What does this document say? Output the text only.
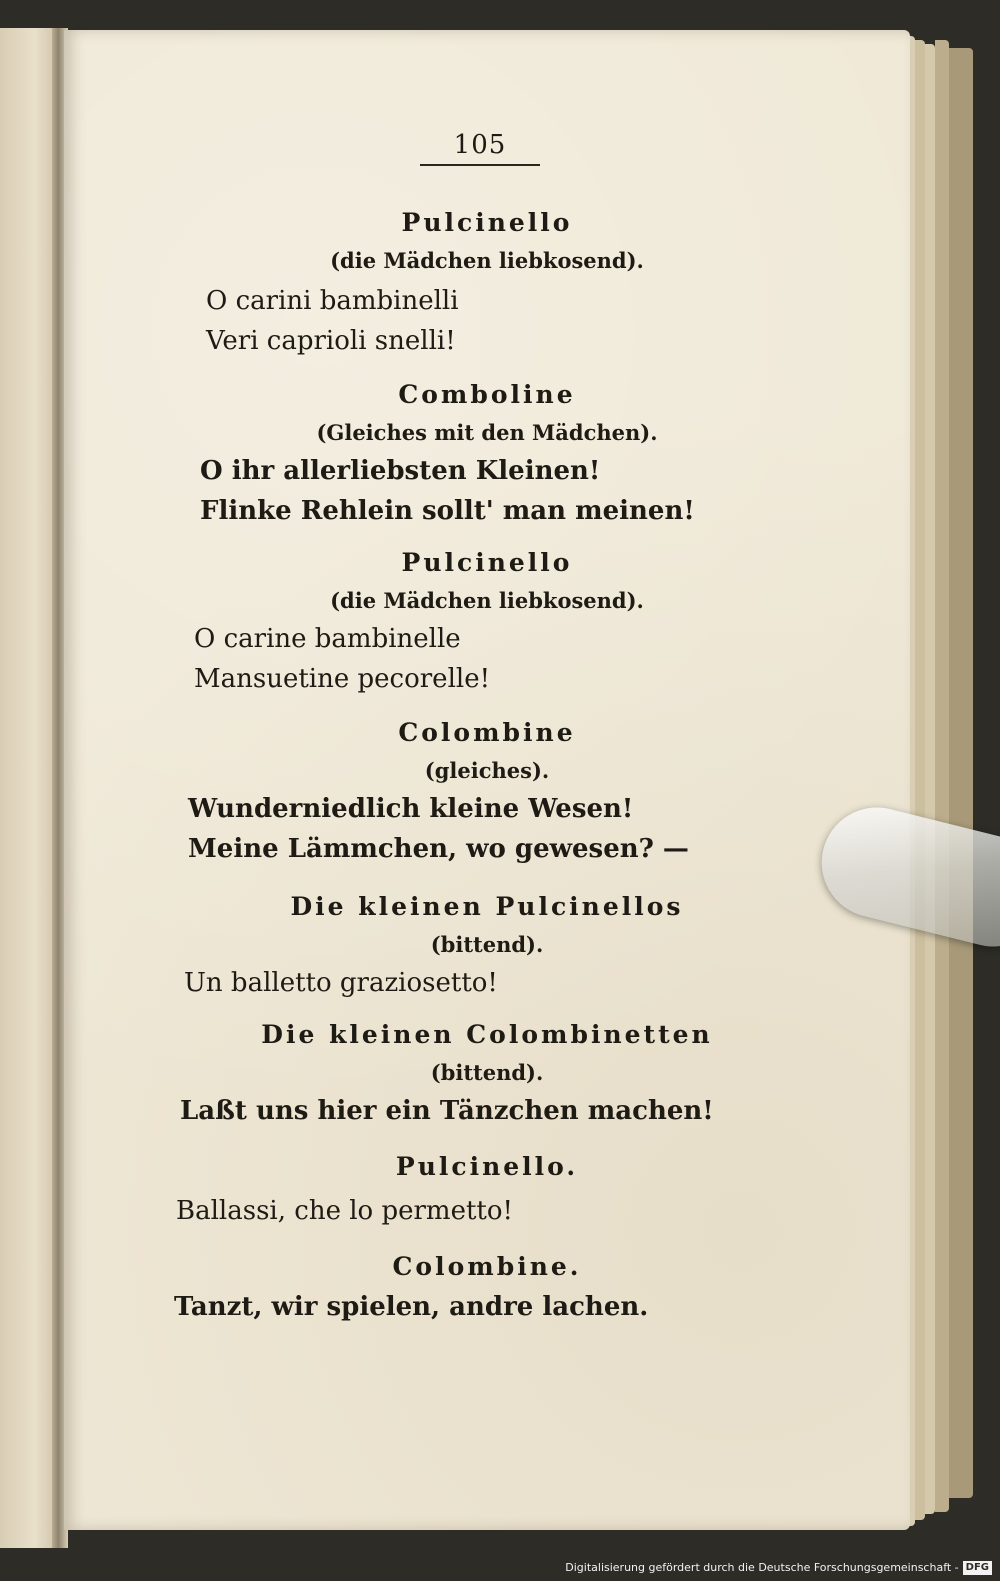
105
Pulcinello
(die Mädchen liebkosend).
O carini bambinelli
Veri caprioli snelli!
Comboline
(Gleiches mit den Mädchen).
O ihr allerliebsten Kleinen!
Flinke Rehlein sollt' man meinen!
Pulcinello
(die Mädchen liebkosend).
O carine bambinelle
Mansuetine pecorelle!
Colombine
(gleiches).
Wunderniedlich kleine Wesen!
Meine Lämmchen, wo gewesen? —
Die kleinen Pulcinellos
(bittend).
Un balletto graziosetto!
Die kleinen Colombinetten
(bittend).
Laßt uns hier ein Tänzchen machen!
Pulcinello.
Ballassi, che lo permetto!
Colombine.
Tanzt, wir spielen, andre lachen.
Digitalisierung gefördert durch die Deutsche Forschungsgemeinschaft - DFG
